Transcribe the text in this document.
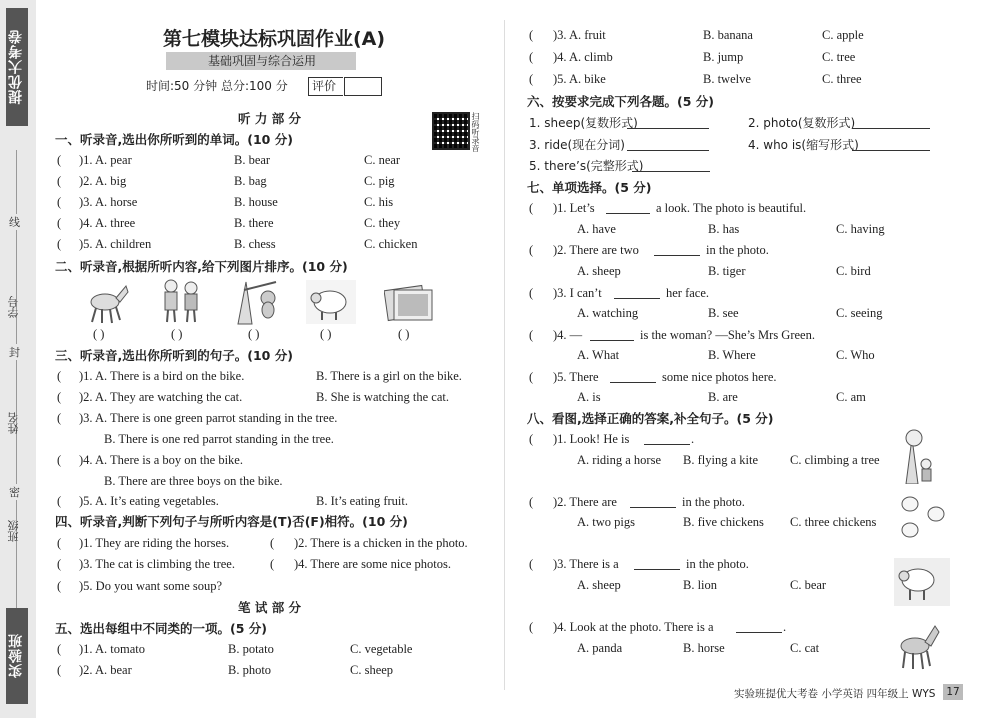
提优大考卷
线
学号
封
姓名
密
班级
实验班
第七模块达标巩固作业(A)
基础巩固与综合运用
时间:50 分钟 总分:100 分 评价
扫码听录音
听 力 部 分
一、听录音,选出你所听到的单词。(10 分)
( )1. A. pear	B. bear	C. near
( )2. A. big	B. bag	C. pig
( )3. A. horse	B. house	C. his
( )4. A. three	B. there	C. they
( )5. A. children	B. chess	C. chicken
二、听录音,根据所听内容,给下列图片排序。(10 分)
( )	( )	( )	( )	( )
三、听录音,选出你所听到的句子。(10 分)
( )1. A. There is a bird on the bike.	B. There is a girl on the bike.
( )2. A. They are watching the cat.	B. She is watching the cat.
( )3. A. There is one green parrot standing in the tree.
B. There is one red parrot standing in the tree.
( )4. A. There is a boy on the bike.
B. There are three boys on the bike.
( )5. A. It’s eating vegetables.	B. It’s eating fruit.
四、听录音,判断下列句子与所听内容是(T)否(F)相符。(10 分)
( )1. They are riding the horses.	( )2. There is a chicken in the photo.
( )3. The cat is climbing the tree.	( )4. There are some nice photos.
( )5. Do you want some soup?
笔 试 部 分
五、选出每组中不同类的一项。(5 分)
( )1. A. tomato	B. potato	C. vegetable
( )2. A. bear	B. photo	C. sheep
( )3. A. fruit	B. banana	C. apple
( )4. A. climb	B. jump	C. tree
( )5. A. bike	B. twelve	C. three
六、按要求完成下列各题。(5 分)
1. sheep(复数形式)	2. photo(复数形式)
3. ride(现在分词)	4. who is(缩写形式)
5. there’s(完整形式)
七、单项选择。(5 分)
( )1. Let’s	a look. The photo is beautiful.
A. have	B. has	C. having
( )2. There are two	in the photo.
A. sheep	B. tiger	C. bird
( )3. I can’t	her face.
A. watching	B. see	C. seeing
( )4. —	is the woman? —She’s Mrs Green.
A. What	B. Where	C. Who
( )5. There	some nice photos here.
A. is	B. are	C. am
八、看图,选择正确的答案,补全句子。(5 分)
( )1. Look! He is	.
A. riding a horse B. flying a kite	C. climbing a tree
( )2. There are	in the photo.
A. two pigs	B. five chickens C. three chickens
( )3. There is a	in the photo.
A. sheep	B. lion	C. bear
( )4. Look at the photo. There is a	.
A. panda	B. horse	C. cat
实验班提优大考卷 小学英语 四年级上 WYS	17
